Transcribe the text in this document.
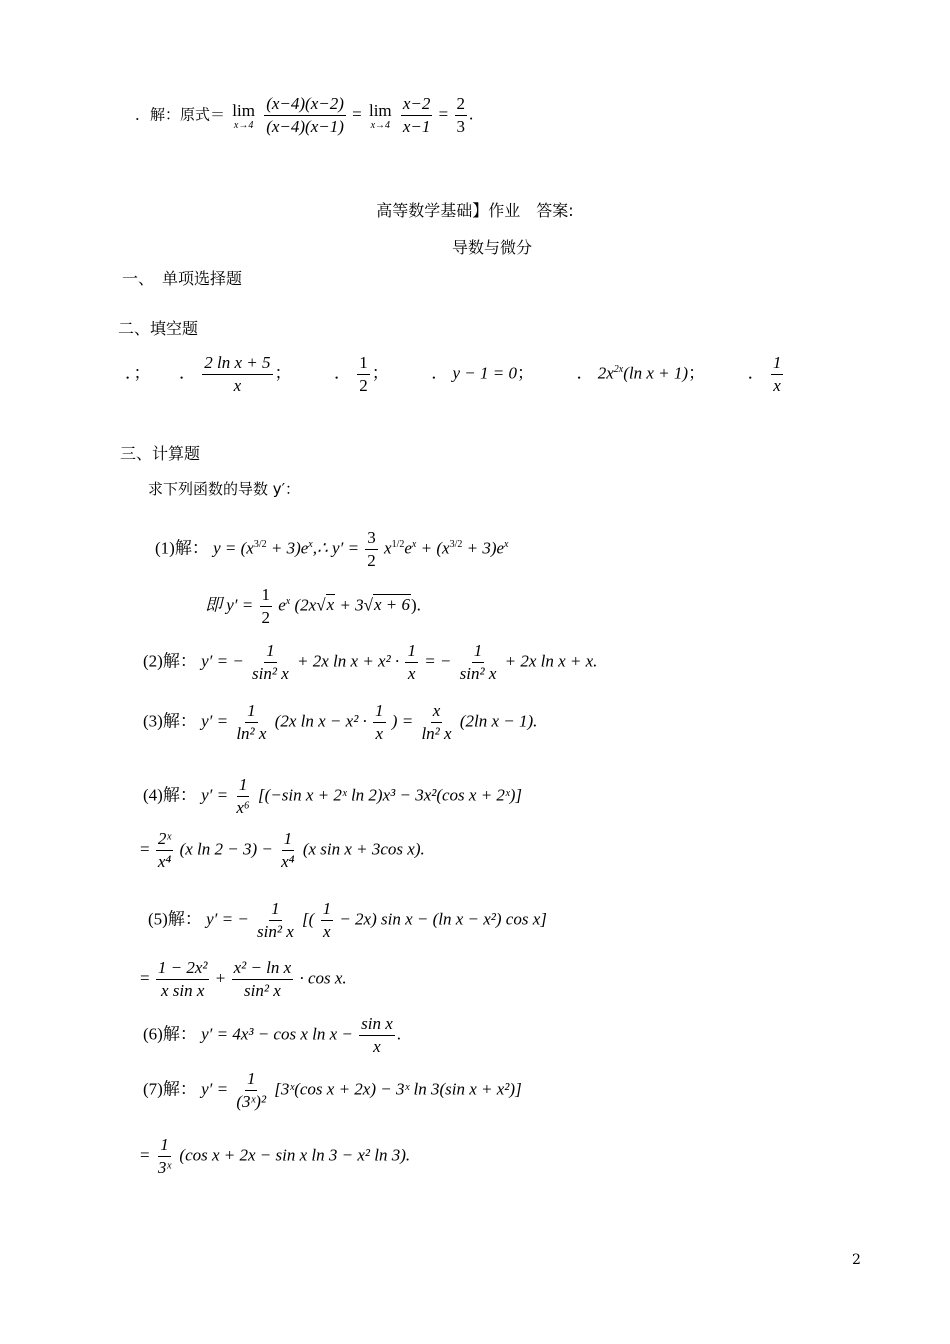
．解：原式＝ lim
x→4
$\frac{(x-4)(x-2)}{(x-4)(x-1)} = \lim$
x→4
$\frac{x-2}{x-1} = \frac{2}{3}$ .
高等数学基础】作业　答案:
导数与微分
一、　单项选择题
二、填空题
．； ． $\frac{\text{2 ln x + 5}}{x}$ ；	． $\frac{1}{2}$ ；	． y − 1 = 0；	． $2x^{2x}(\ln$ x + 1)；	． $\frac{1}{x}$
三、计算题
求下列函数的导数 y′：
(1)解： $y = (x^{3/2}$ + $3)e^x,\therefore$ $y' = \frac{3}{2} x^{1/2}e^x + (x^{3/2} + 3)e^x$
即 $y' = \frac{1}{2} e^x$ (2x√x + 3√x + 6).
(2)解： y′ = − $\frac{1}{\text{sin² x}} + 2x$ $\ln x + x^2 \cdot \frac{1}{x}$ = − $\frac{1}{\text{sin² x}} + 2x$ ln x + x.
(3)解： $y' = \frac{1}{\text{ln² x}} (2x$ $\ln x - x^2 \cdot \frac{1}{x}$ ) = $\frac{x}{\text{ln² x}} (2\ln$ x − 1).
(4)解： $y' = \frac{1}{\text{x⁶}} [(-\sin$ x + 2ˣ ln 2)x³ − 3x²(cos x + 2ˣ)]
= $\frac{\text{2ˣ}}{\text{x⁴}} (x$ $\ln 2 - 3) - \frac{1}{\text{x⁴}} (x$ sin x + 3cos x).
(5)解： y′ = − $\frac{1}{\text{sin² x}}$ [( $\frac{1}{x} - 2x$) sin x − (ln x − x²) cos x]
= $\frac{\text{1 − 2x²}}{\text{x sin x}} + \frac{\text{x² − ln x}}{\text{sin² x}} \cdot \cos x$.
(6)解： y′ = 4x³ − cos x $\ln x - \frac{\text{sin x}}{x}$ .
(7)解： $y' = \frac{1}{\text{(3ˣ)²}}$ [3ˣ(cos x + 2x) − 3ˣ ln 3(sin x + x²)]
= $\frac{1}{\text{3ˣ}} (\cos$ x + 2x − sin x ln 3 − x² ln 3).
2
